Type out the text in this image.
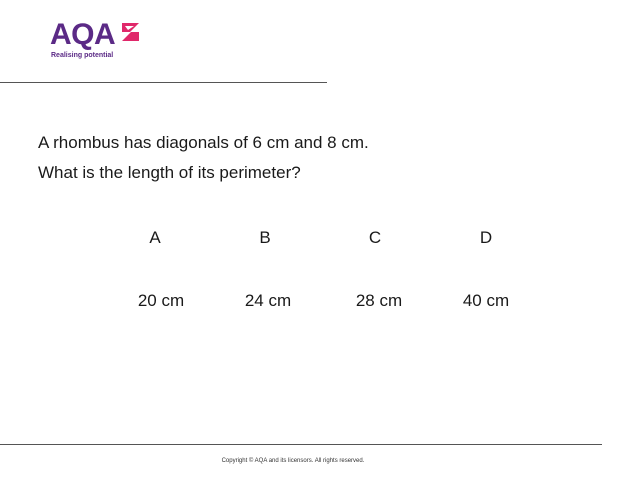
AQA
Realising potential

A rhombus has diagonals of 6 cm and 8 cm.

What is the length of its perimeter?

A	B	C	D
20 cm	24 cm	28 cm	40 cm
Copyright © AQA and its licensors. All rights reserved.
